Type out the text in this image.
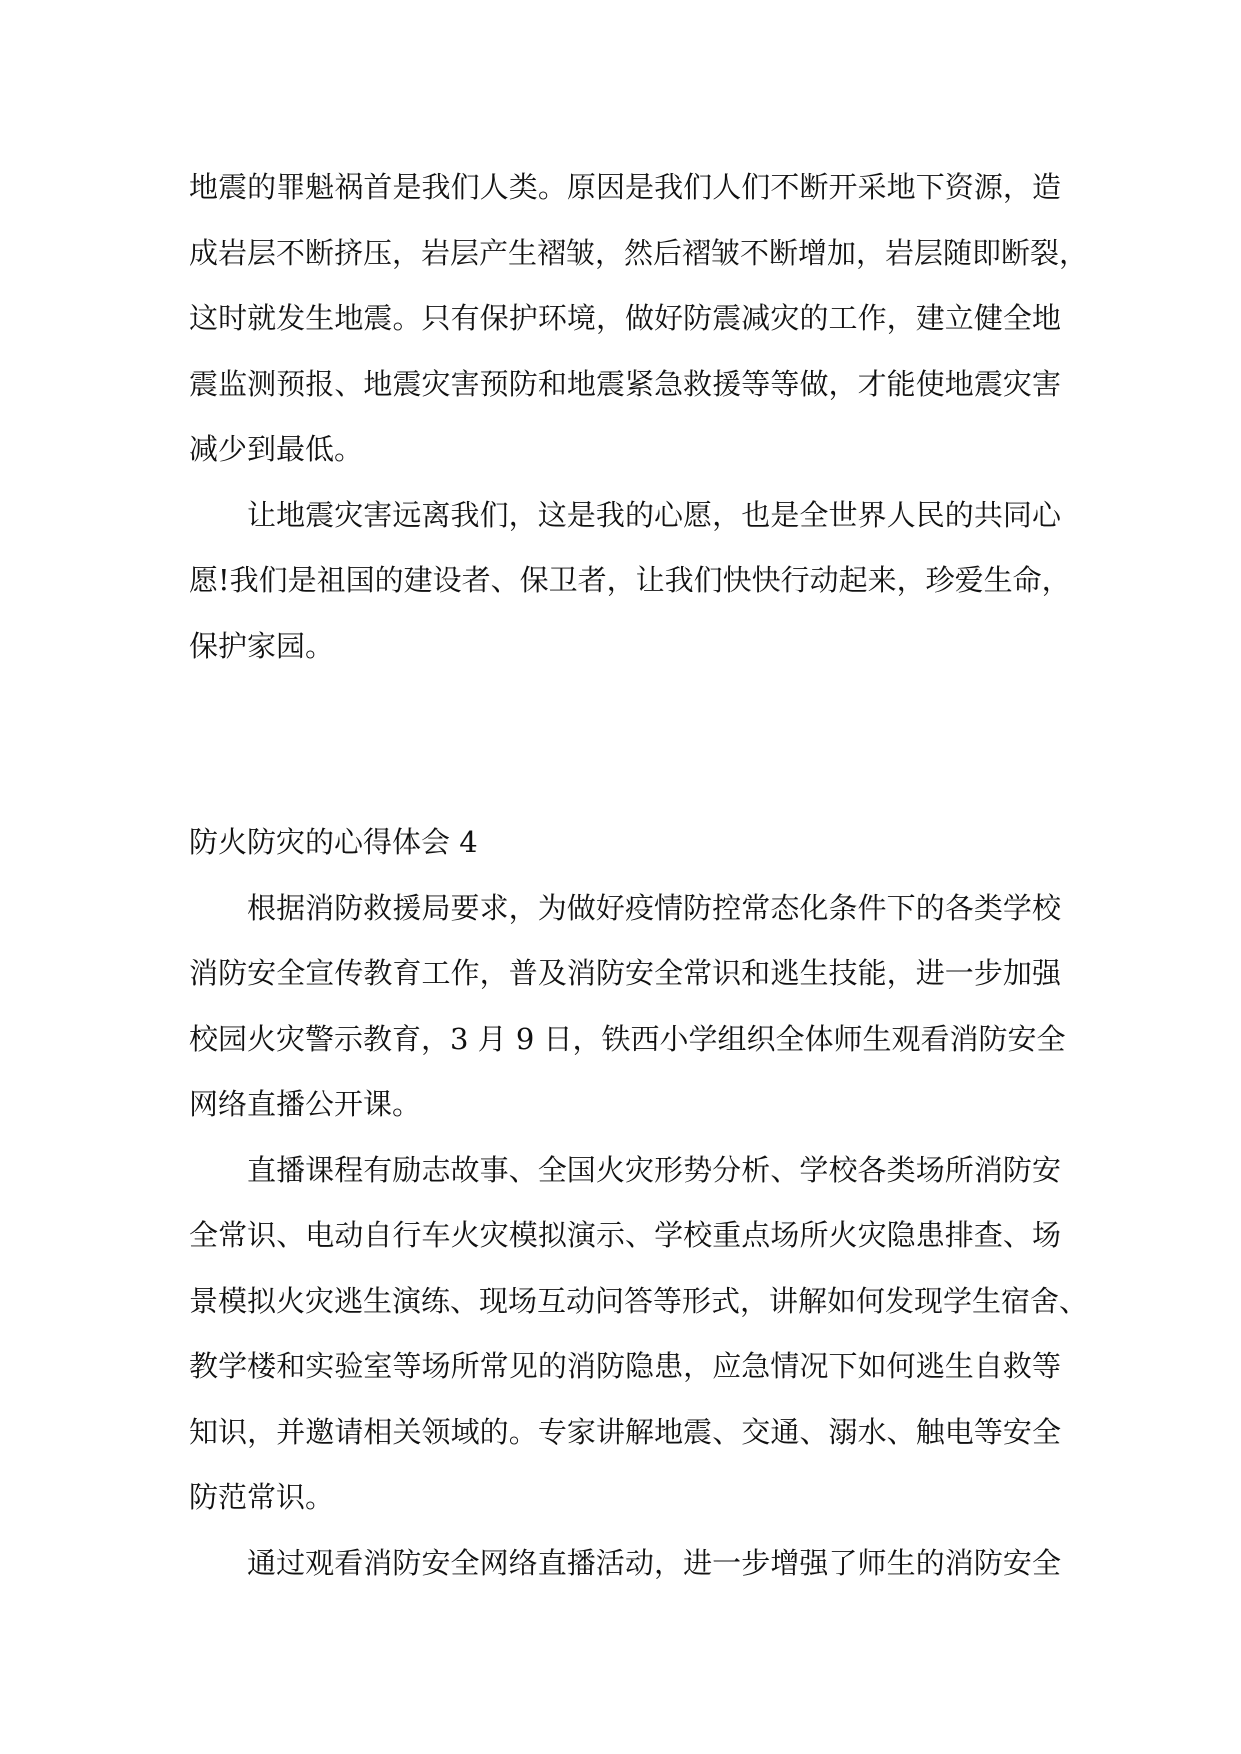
地震的罪魁祸首是我们人类。原因是我们人们不断开采地下资源，造
成岩层不断挤压，岩层产生褶皱，然后褶皱不断增加，岩层随即断裂，
这时就发生地震。只有保护环境，做好防震减灾的工作，建立健全地
震监测预报、地震灾害预防和地震紧急救援等等做，才能使地震灾害
减少到最低。

让地震灾害远离我们，这是我的心愿，也是全世界人民的共同心
愿!我们是祖国的建设者、保卫者，让我们快快行动起来，珍爱生命，
保护家园。

防火防灾的心得体会 4

根据消防救援局要求，为做好疫情防控常态化条件下的各类学校
消防安全宣传教育工作，普及消防安全常识和逃生技能，进一步加强
校园火灾警示教育，3 月 9 日，铁西小学组织全体师生观看消防安全
网络直播公开课。

直播课程有励志故事、全国火灾形势分析、学校各类场所消防安
全常识、电动自行车火灾模拟演示、学校重点场所火灾隐患排查、场
景模拟火灾逃生演练、现场互动问答等形式，讲解如何发现学生宿舍、
教学楼和实验室等场所常见的消防隐患，应急情况下如何逃生自救等
知识，并邀请相关领域的。专家讲解地震、交通、溺水、触电等安全
防范常识。

通过观看消防安全网络直播活动，进一步增强了师生的消防安全
